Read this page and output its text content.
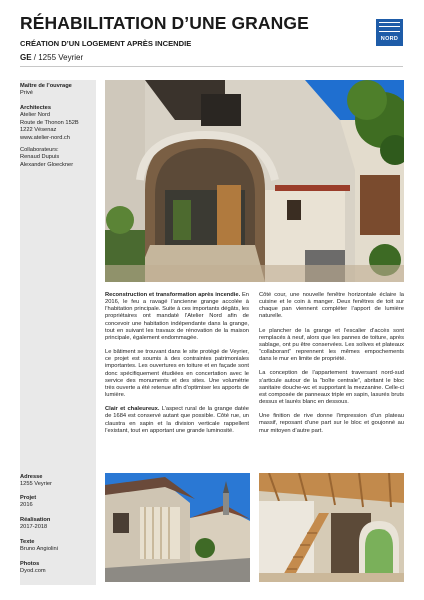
RÉHABILITATION D’UNE GRANGE
CRÉATION D’UN LOGEMENT APRÈS INCENDIE
GE / 1255 Veyrier
NORD
Maître de l’ouvrage
Privé
Architectes
Atelier Nord
Route de Thonon 152B
1222 Vésenaz
www.atelier-nord.ch
Collaborateurs:
Renaud Dupuis
Alexander Gloeckner
Adresse
1255 Veyrier
Projet
2016
Réalisation
2017-2018
Texte
Bruno Angiolini
Photos
Dyod.com

Reconstruction et transformation après incendie. En 2016, le feu a ravagé l’ancienne grange accolée à l’habitation principale. Suite à ces importants dégâts, les propriétaires ont mandaté l’Atelier Nord afin de concevoir une habitation indépendante dans la grange, tout en suivant les travaux de rénovation de la maison principale, également endommagée.

Le bâtiment se trouvant dans le site protégé de Veyrier, ce projet est soumis à des contraintes patrimoniales importantes. Les ouvertures en toiture et en façade sont donc spécifiquement étudiées en concertation avec le service des monuments et des sites. Une volumétrie très ouverte a été retenue afin d’optimiser les apports de lumière.

Clair et chaleureux. L’aspect rural de la grange datée de 1684 est conservé autant que possible. Côté rue, un claustra en sapin et la division verticale rappellent l’existant, tout en apportant une grande luminosité.

Côté cour, une nouvelle fenêtre horizontale éclaire la cuisine et le coin à manger. Deux fenêtres de toit sur chaque pan viennent compléter l’apport de lumière naturelle.

Le plancher de la grange et l’escalier d’accès sont remplacés à neuf, alors que les pannes de toiture, après sablage, ont pu être conservées. Les solives et plateaux “collaborant” reprennent les mêmes empochements dans le mur en limite de propriété.

La conception de l’appartement traversant nord-sud s’articule autour de la “boîte centrale”, abritant le bloc sanitaire douche-wc et supportant la mezzanine. Celle-ci est composée de panneaux triple en sapin, lasurés bruts dessus et laurés blanc en dessous.

Une finition de rive donne l’impression d’un plateau massif, reposant d’une part sur le bloc et goujonné au mur mitoyen d’autre part.
